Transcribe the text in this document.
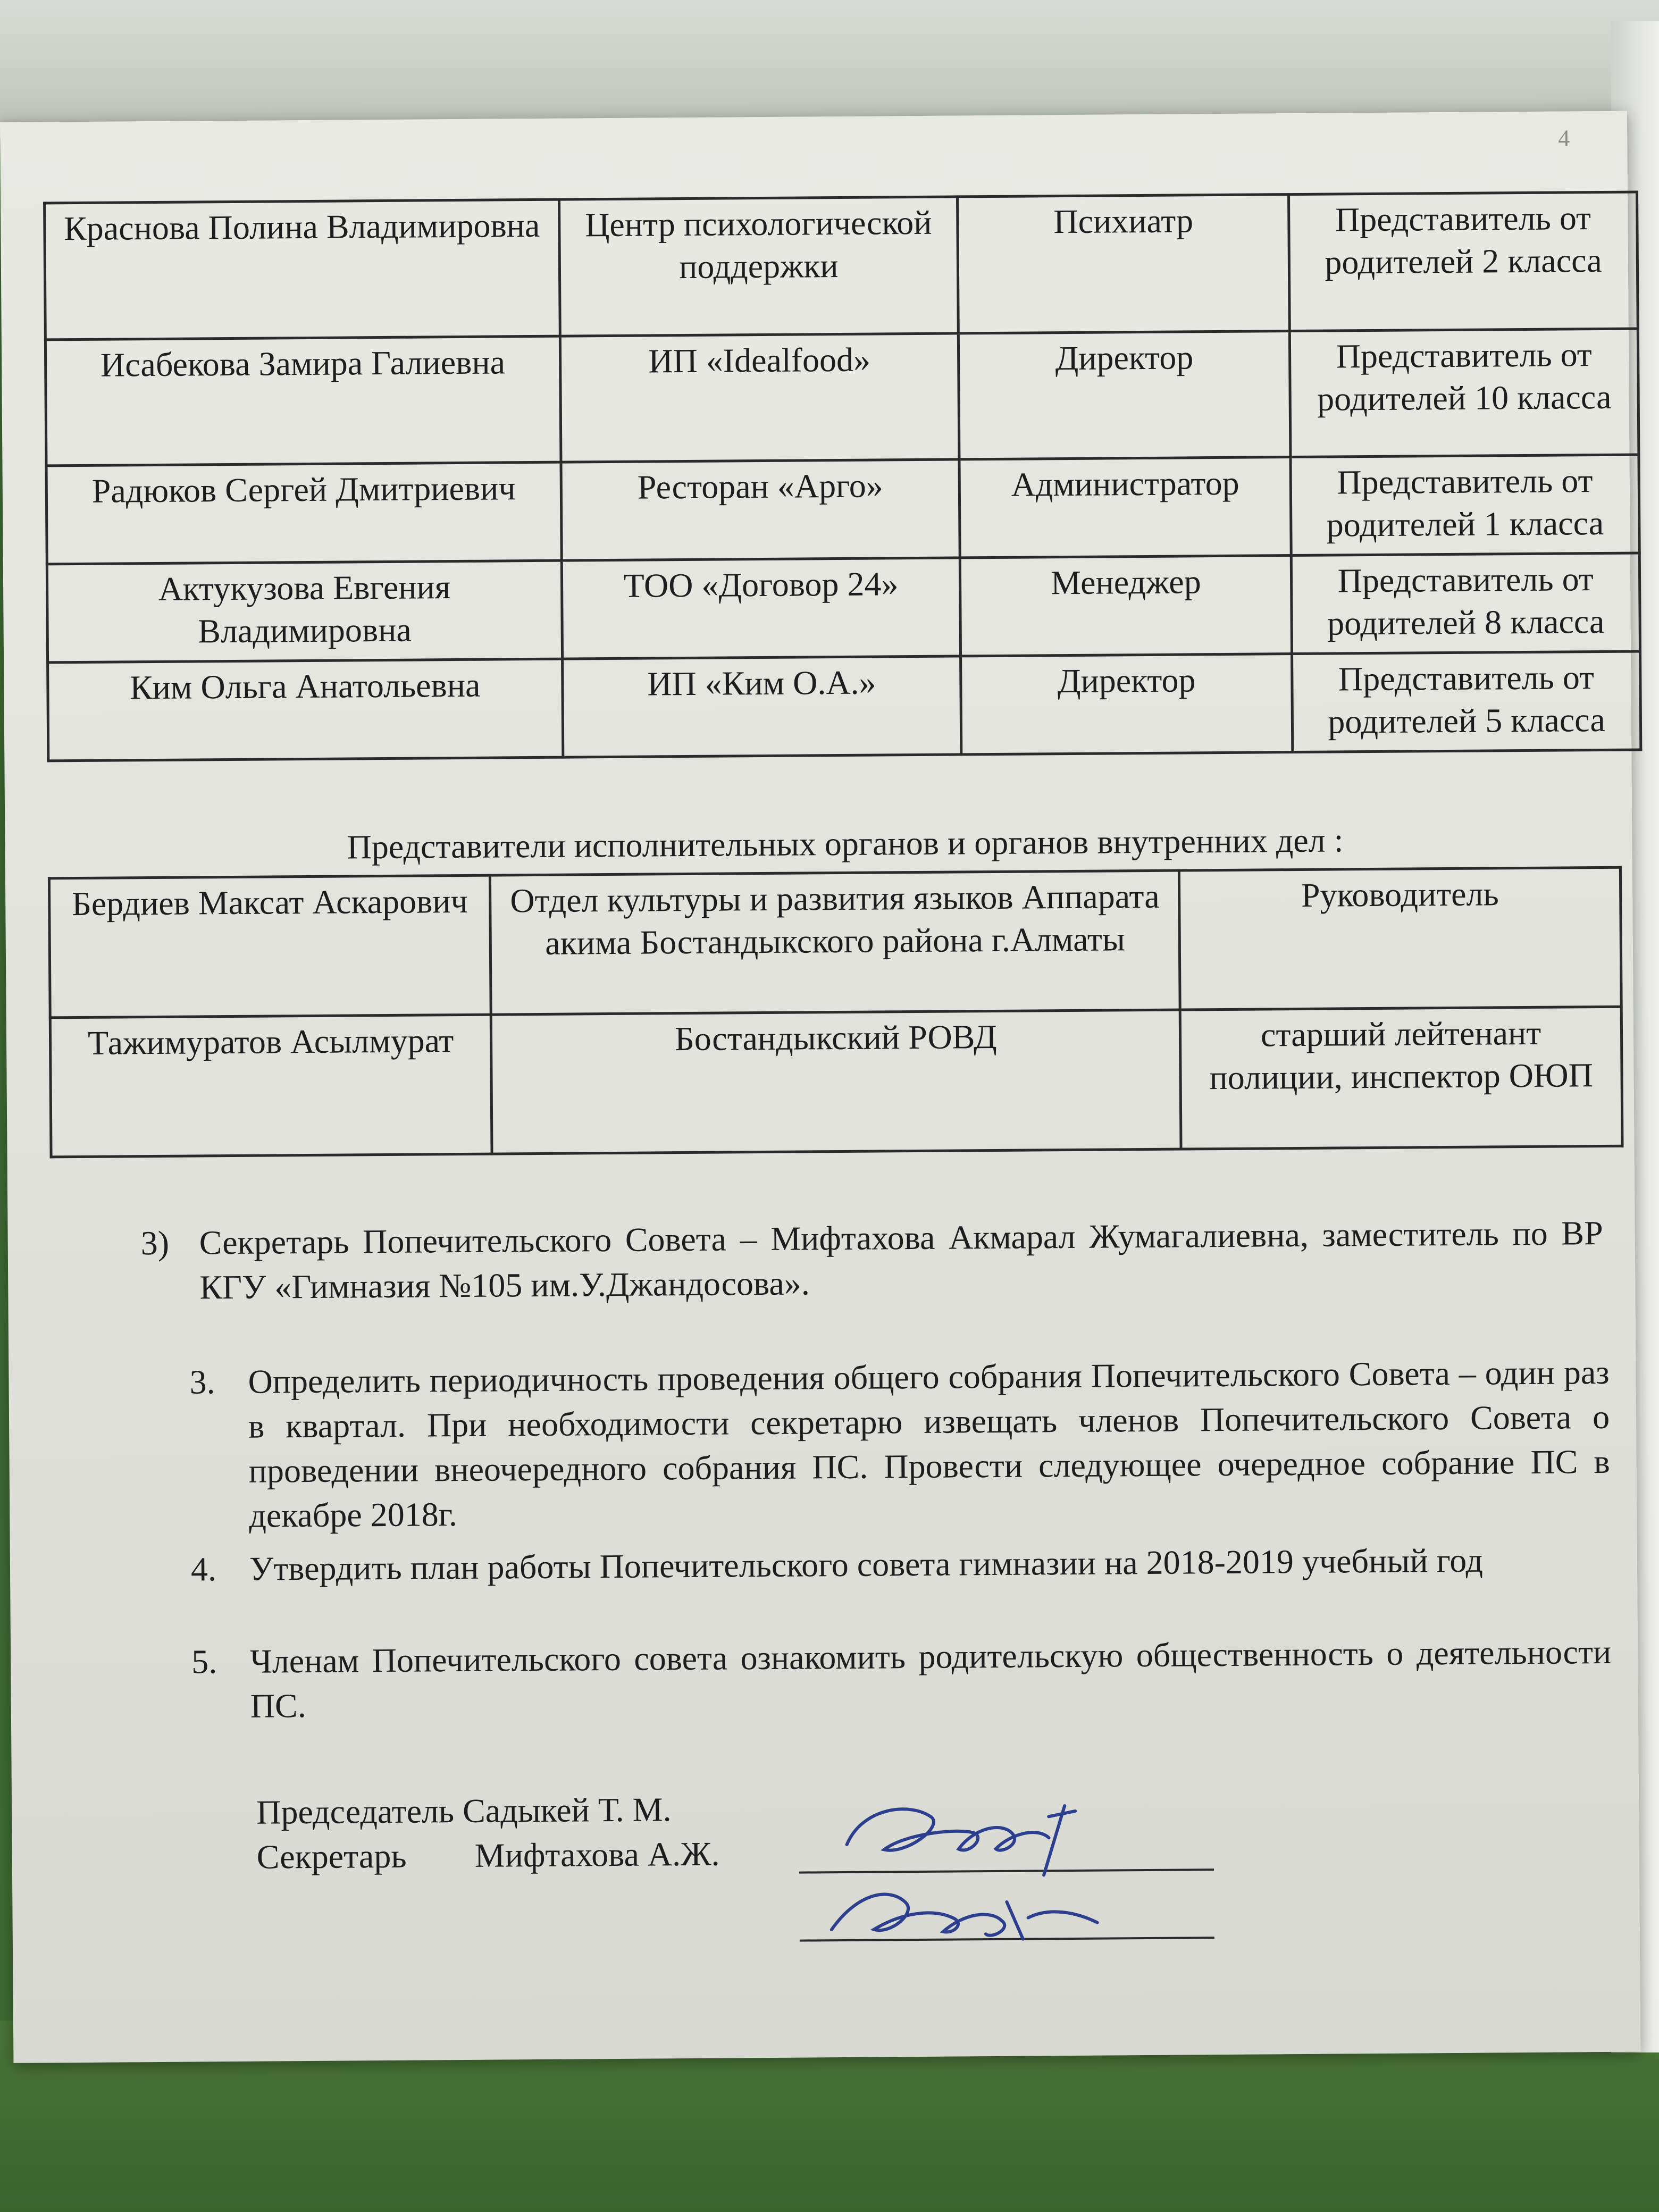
4
Краснова Полина Владимировна	Центр психологической поддержки	Психиатр	Представитель от родителей 2 класса
Исабекова Замира Галиевна	ИП «Idealfood»	Директор	Представитель от родителей 10 класса
Радюков Сергей Дмитриевич	Ресторан «Арго»	Администратор	Представитель от родителей 1 класса
Актукузова Евгения Владимировна	ТОО «Договор 24»	Менеджер	Представитель от родителей 8 класса
Ким Ольга Анатольевна	ИП «Ким О.А.»	Директор	Представитель от родителей 5 класса
Представители исполнительных органов и органов внутренних дел :
Бердиев Максат Аскарович	Отдел культуры и развития языков Аппарата акима Бостандыкского района г.Алматы	Руководитель
Тажимуратов Асылмурат	Бостандыкский РОВД	старший лейтенант полиции, инспектор ОЮП
3) Секретарь Попечительского Совета – Мифтахова Акмарал Жумагалиевна, заместитель по ВР КГУ «Гимназия №105 им.У.Джандосова».
3. Определить периодичность проведения общего собрания Попечительского Совета – один раз в квартал. При необходимости секретарю извещать членов Попечительского Совета о проведении внеочередного собрания ПС. Провести следующее очередное собрание ПС в декабре 2018г.
4. Утвердить план работы Попечительского совета гимназии на 2018-2019 учебный год
5. Членам Попечительского совета ознакомить родительскую общественность о деятельности ПС.
Председатель Садыкей Т. М.
Секретарь Мифтахова А.Ж.
